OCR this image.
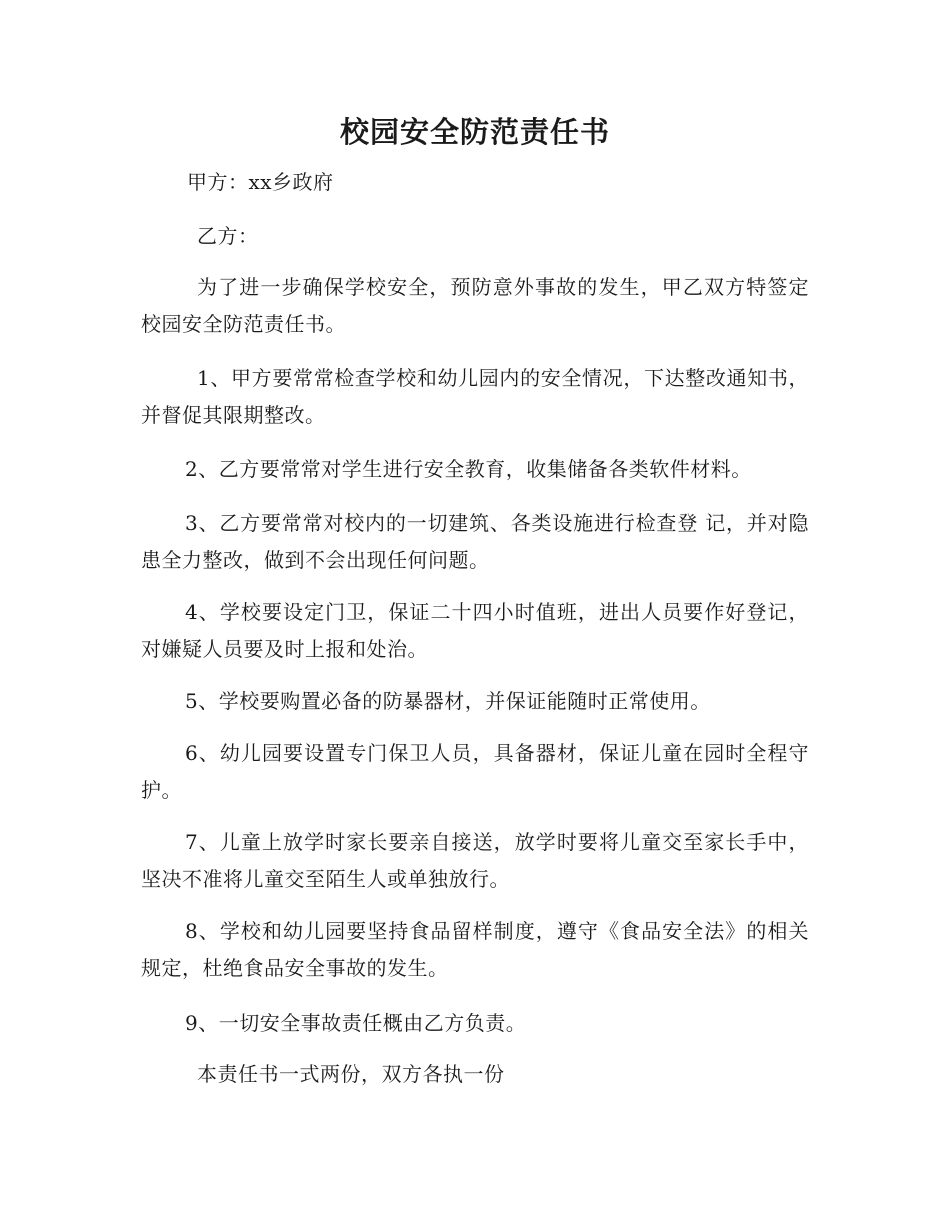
校园安全防范责任书
甲方：xx乡政府
乙方：
为了进一步确保学校安全，预防意外事故的发生，甲乙双方特签定校园安全防范责任书。
1、甲方要常常检查学校和幼儿园内的安全情况，下达整改通知书，并督促其限期整改。
2、乙方要常常对学生进行安全教育，收集储备各类软件材料。
3、乙方要常常对校内的一切建筑、各类设施进行检查登 记，并对隐患全力整改，做到不会出现任何问题。
4、学校要设定门卫，保证二十四小时值班，进出人员要作好登记，对嫌疑人员要及时上报和处治。
5、学校要购置必备的防暴器材，并保证能随时正常使用。
6、幼儿园要设置专门保卫人员，具备器材，保证儿童在园时全程守护。
7、儿童上放学时家长要亲自接送，放学时要将儿童交至家长手中，坚决不准将儿童交至陌生人或单独放行。
8、学校和幼儿园要坚持食品留样制度，遵守《食品安全法》的相关规定，杜绝食品安全事故的发生。
9、一切安全事故责任概由乙方负责。
本责任书一式两份，双方各执一份
